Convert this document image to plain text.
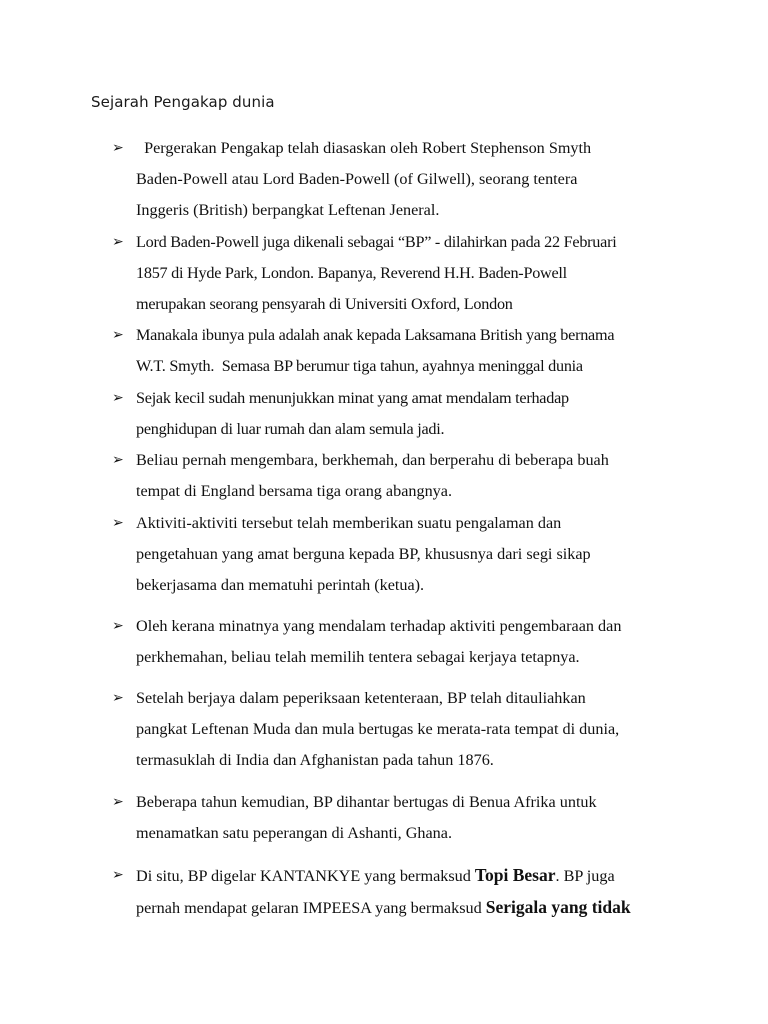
Sejarah Pengakap dunia
➢ Pergerakan Pengakap telah diasaskan oleh Robert Stephenson Smyth
Baden-Powell atau Lord Baden-Powell (of Gilwell), seorang tentera
Inggeris (British) berpangkat Leftenan Jeneral.
➢ Lord Baden-Powell juga dikenali sebagai “BP” - dilahirkan pada 22 Februari
1857 di Hyde Park, London. Bapanya, Reverend H.H. Baden-Powell
merupakan seorang pensyarah di Universiti Oxford, London
➢ Manakala ibunya pula adalah anak kepada Laksamana British yang bernama
W.T. Smyth.  Semasa BP berumur tiga tahun, ayahnya meninggal dunia
➢ Sejak kecil sudah menunjukkan minat yang amat mendalam terhadap
penghidupan di luar rumah dan alam semula jadi.
➢ Beliau pernah mengembara, berkhemah, dan berperahu di beberapa buah
tempat di England bersama tiga orang abangnya.
➢ Aktiviti-aktiviti tersebut telah memberikan suatu pengalaman dan
pengetahuan yang amat berguna kepada BP, khususnya dari segi sikap
bekerjasama dan mematuhi perintah (ketua).
➢ Oleh kerana minatnya yang mendalam terhadap aktiviti pengembaraan dan
perkhemahan, beliau telah memilih tentera sebagai kerjaya tetapnya.
➢ Setelah berjaya dalam peperiksaan ketenteraan, BP telah ditauliahkan
pangkat Leftenan Muda dan mula bertugas ke merata-rata tempat di dunia,
termasuklah di India dan Afghanistan pada tahun 1876.
➢ Beberapa tahun kemudian, BP dihantar bertugas di Benua Afrika untuk
menamatkan satu peperangan di Ashanti, Ghana.
➢ Di situ, BP digelar KANTANKYE yang bermaksud Topi Besar. BP juga
pernah mendapat gelaran IMPEESA yang bermaksud Serigala yang tidak
